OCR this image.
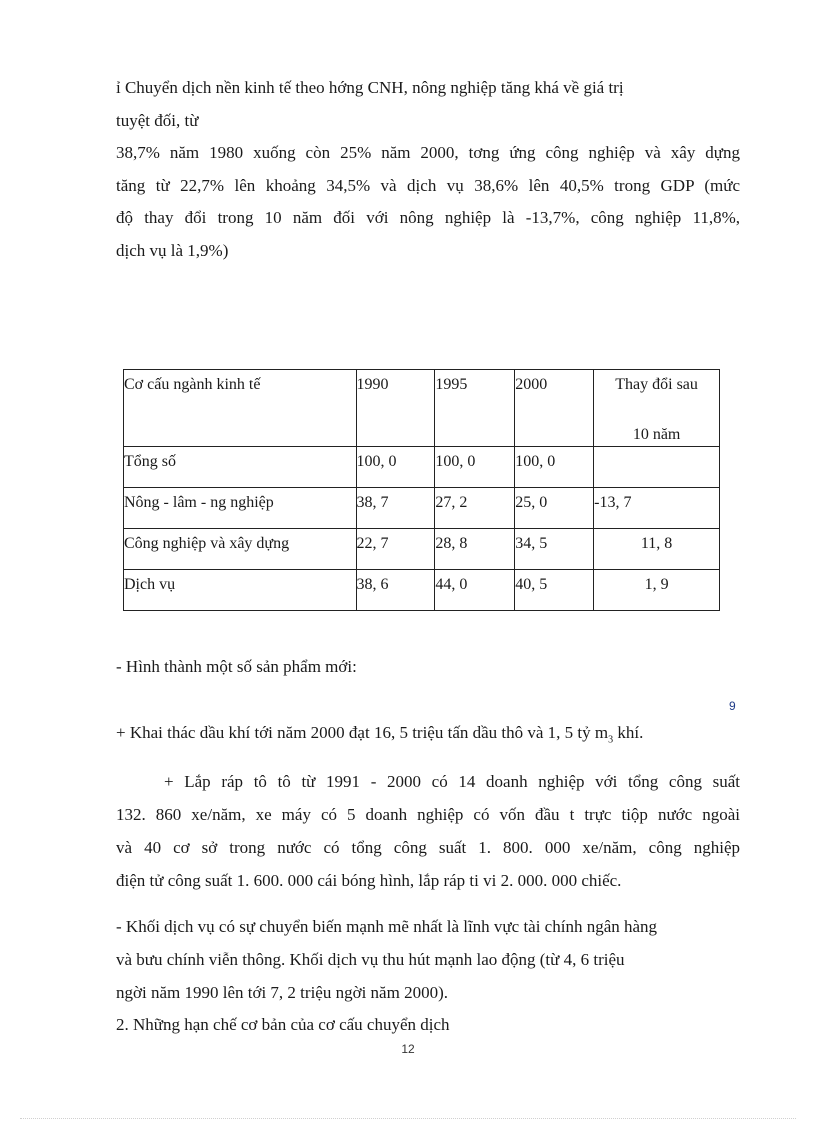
ỉ Chuyển dịch nền kinh tế theo hớng CNH, nông nghiệp tăng khá về giá trị
tuyệt đối, từ
38,7% năm 1980 xuống còn 25% năm 2000, tơng ứng công nghiệp và xây dựng
tăng từ 22,7% lên khoảng 34,5% và dịch vụ 38,6% lên 40,5% trong GDP (mức
độ thay đổi trong 10 năm đối với nông nghiệp là -13,7%, công nghiệp 11,8%,
dịch vụ là 1,9%)
Cơ cấu ngành kinh tế	1990	1995	2000	Thay đổi sau
10 năm

Tổng số	100, 0	100, 0	100, 0	
Nông - lâm - ng nghiệp	38, 7	27, 2	25, 0	-13, 7
Công nghiệp và xây dựng	22, 7	28, 8	34, 5	11, 8
Dịch vụ	38, 6	44, 0	40, 5	1, 9
- Hình thành một số sản phẩm mới:
9
+ Khai thác dầu khí tới năm 2000 đạt 16, 5 triệu tấn dầu thô và 1, 5 tỷ $m_3$ khí.
+ Lắp ráp tô tô từ 1991 - 2000 có 14 doanh nghiệp với tổng công suất
132. 860 xe/năm, xe máy có 5 doanh nghiệp có vốn đầu t trực tiộp nước ngoài
và 40 cơ sở trong nước có tổng công suất 1. 800. 000 xe/năm, công nghiệp
điện tử công suất 1. 600. 000 cái bóng hình, lắp ráp ti vi 2. 000. 000 chiếc.
- Khối dịch vụ có sự chuyển biến mạnh mẽ nhất là lĩnh vực tài chính ngân hàng
và bưu chính viễn thông. Khối dịch vụ thu hút mạnh lao động (từ 4, 6 triệu
ngời năm 1990 lên tới 7, 2 triệu ngời năm 2000).
2. Những hạn chế cơ bản của cơ cấu chuyển dịch
12
